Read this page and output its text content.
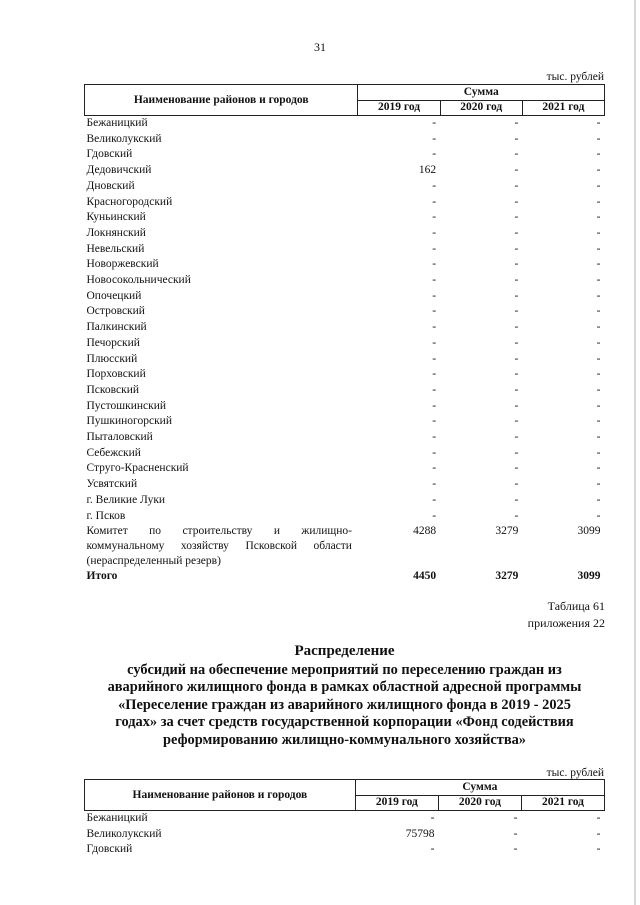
31
тыс. рублей
Наименование районов и городов	Сумма		
	2019 год	2020 год	2021 год
Бежаницкий	-	-	-
Великолукский	-	-	-
Гдовский	-	-	-
Дедовичский	162	-	-
Дновский	-	-	-
Красногородский	-	-	-
Куньинский	-	-	-
Локнянский	-	-	-
Невельский	-	-	-
Новоржевский	-	-	-
Новосокольнический	-	-	-
Опочецкий	-	-	-
Островский	-	-	-
Палкинский	-	-	-
Печорский	-	-	-
Плюсский	-	-	-
Порховский	-	-	-
Псковский	-	-	-
Пустошкинский	-	-	-
Пушкиногорский	-	-	-
Пыталовский	-	-	-
Себежский	-	-	-
Струго-Красненский	-	-	-
Усвятский	-	-	-
г. Великие Луки	-	-	-
г. Псков	-	-	-
Комитет по строительству и жилищно-коммунальному хозяйству Псковской области
(нераспределенный резерв)	4288	3279	3099
Итого	4450	3279	3099
Таблица 61
приложения 22
Распределение
субсидий на обеспечение мероприятий по переселению граждан из
аварийного жилищного фонда в рамках областной адресной программы
«Переселение граждан из аварийного жилищного фонда в 2019 - 2025
годах» за счет средств государственной корпорации «Фонд содействия
реформированию жилищно-коммунального хозяйства»
тыс. рублей
Наименование районов и городов	Сумма		
	2019 год	2020 год	2021 год
Бежаницкий	-	-	-
Великолукский	75798	-	-
Гдовский	-	-	-
